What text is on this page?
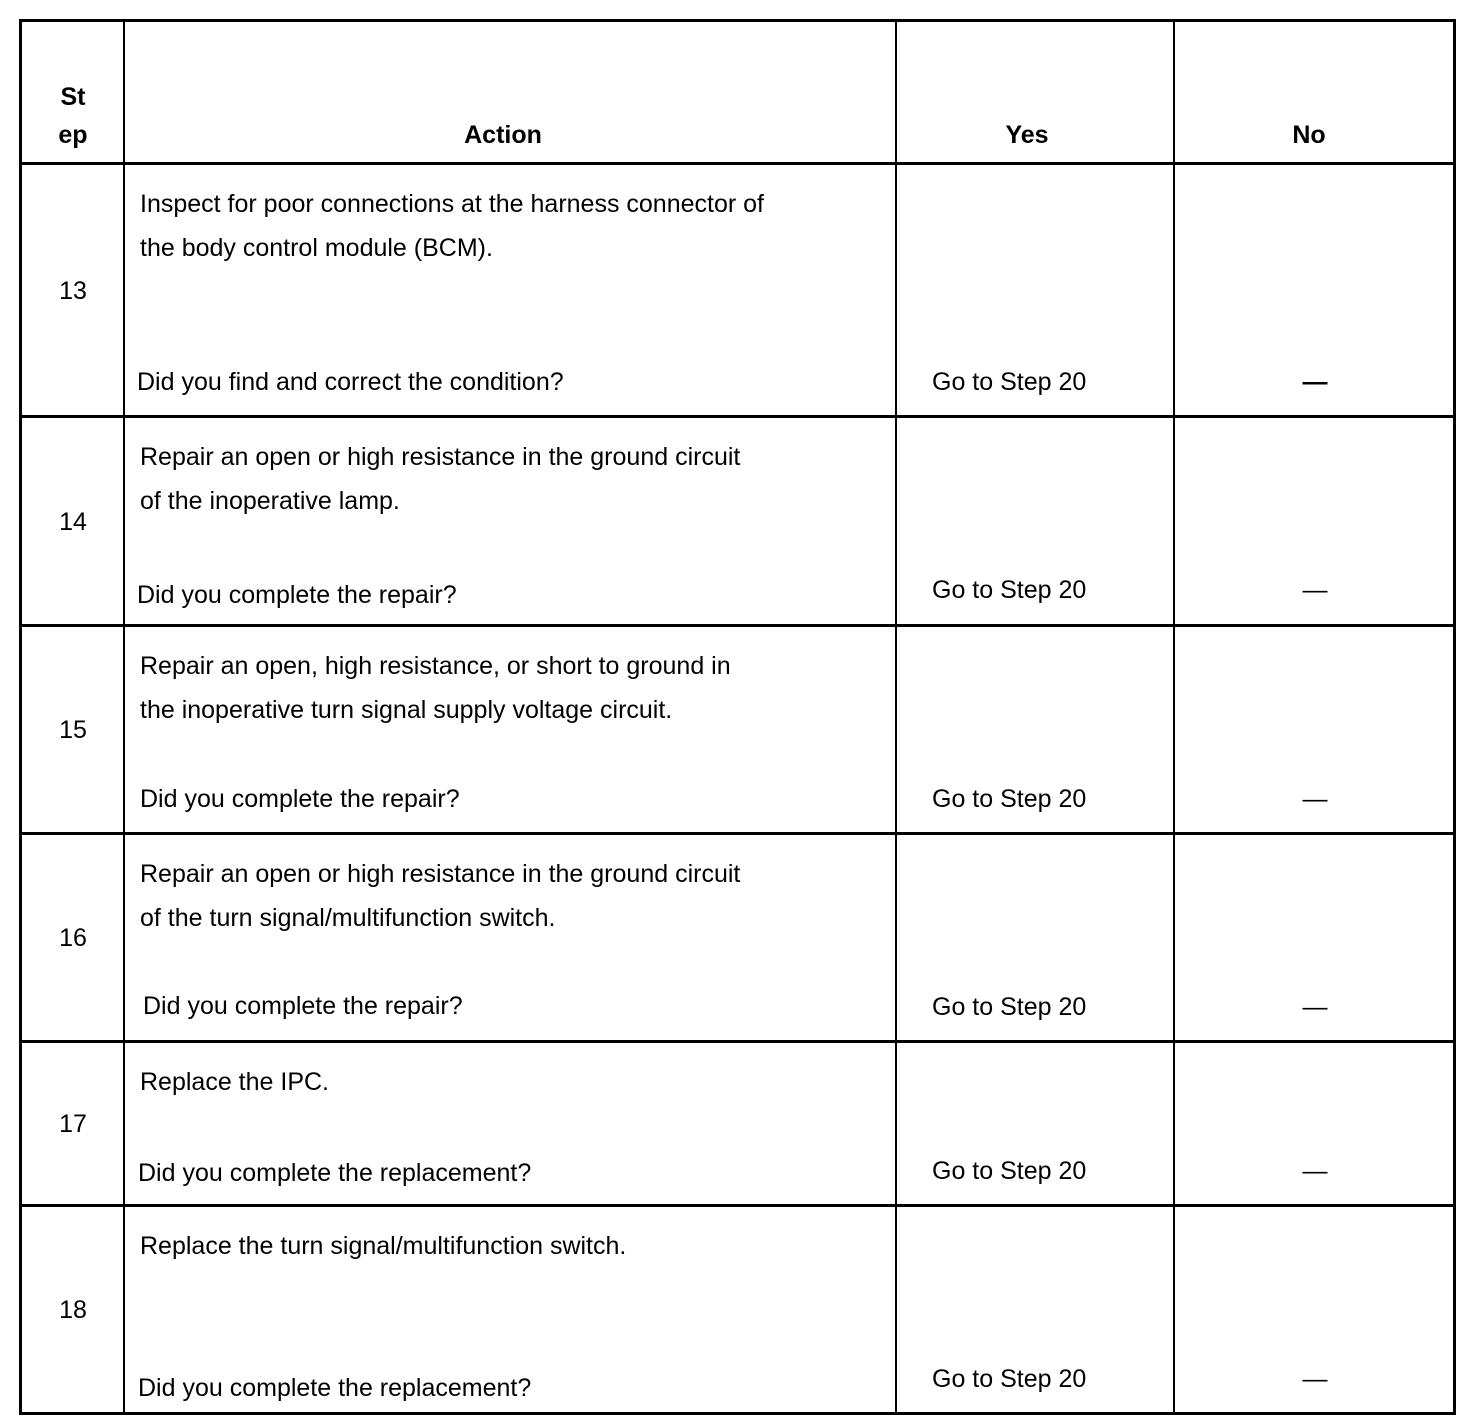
St
ep	Action	Yes	No
13
Inspect for poor connections at the harness connector of
the body control module (BCM).
Did you find and correct the condition?	Go to Step 20	—
14
Repair an open or high resistance in the ground circuit
of the inoperative lamp.
Did you complete the repair?	Go to Step 20	—
15
Repair an open, high resistance, or short to ground in
the inoperative turn signal supply voltage circuit.
Did you complete the repair?	Go to Step 20	—
16
Repair an open or high resistance in the ground circuit
of the turn signal/multifunction switch.
Did you complete the repair?	Go to Step 20	—
17
Replace the IPC.
Did you complete the replacement?	Go to Step 20	—
18
Replace the turn signal/multifunction switch.
Did you complete the replacement?	Go to Step 20	—
